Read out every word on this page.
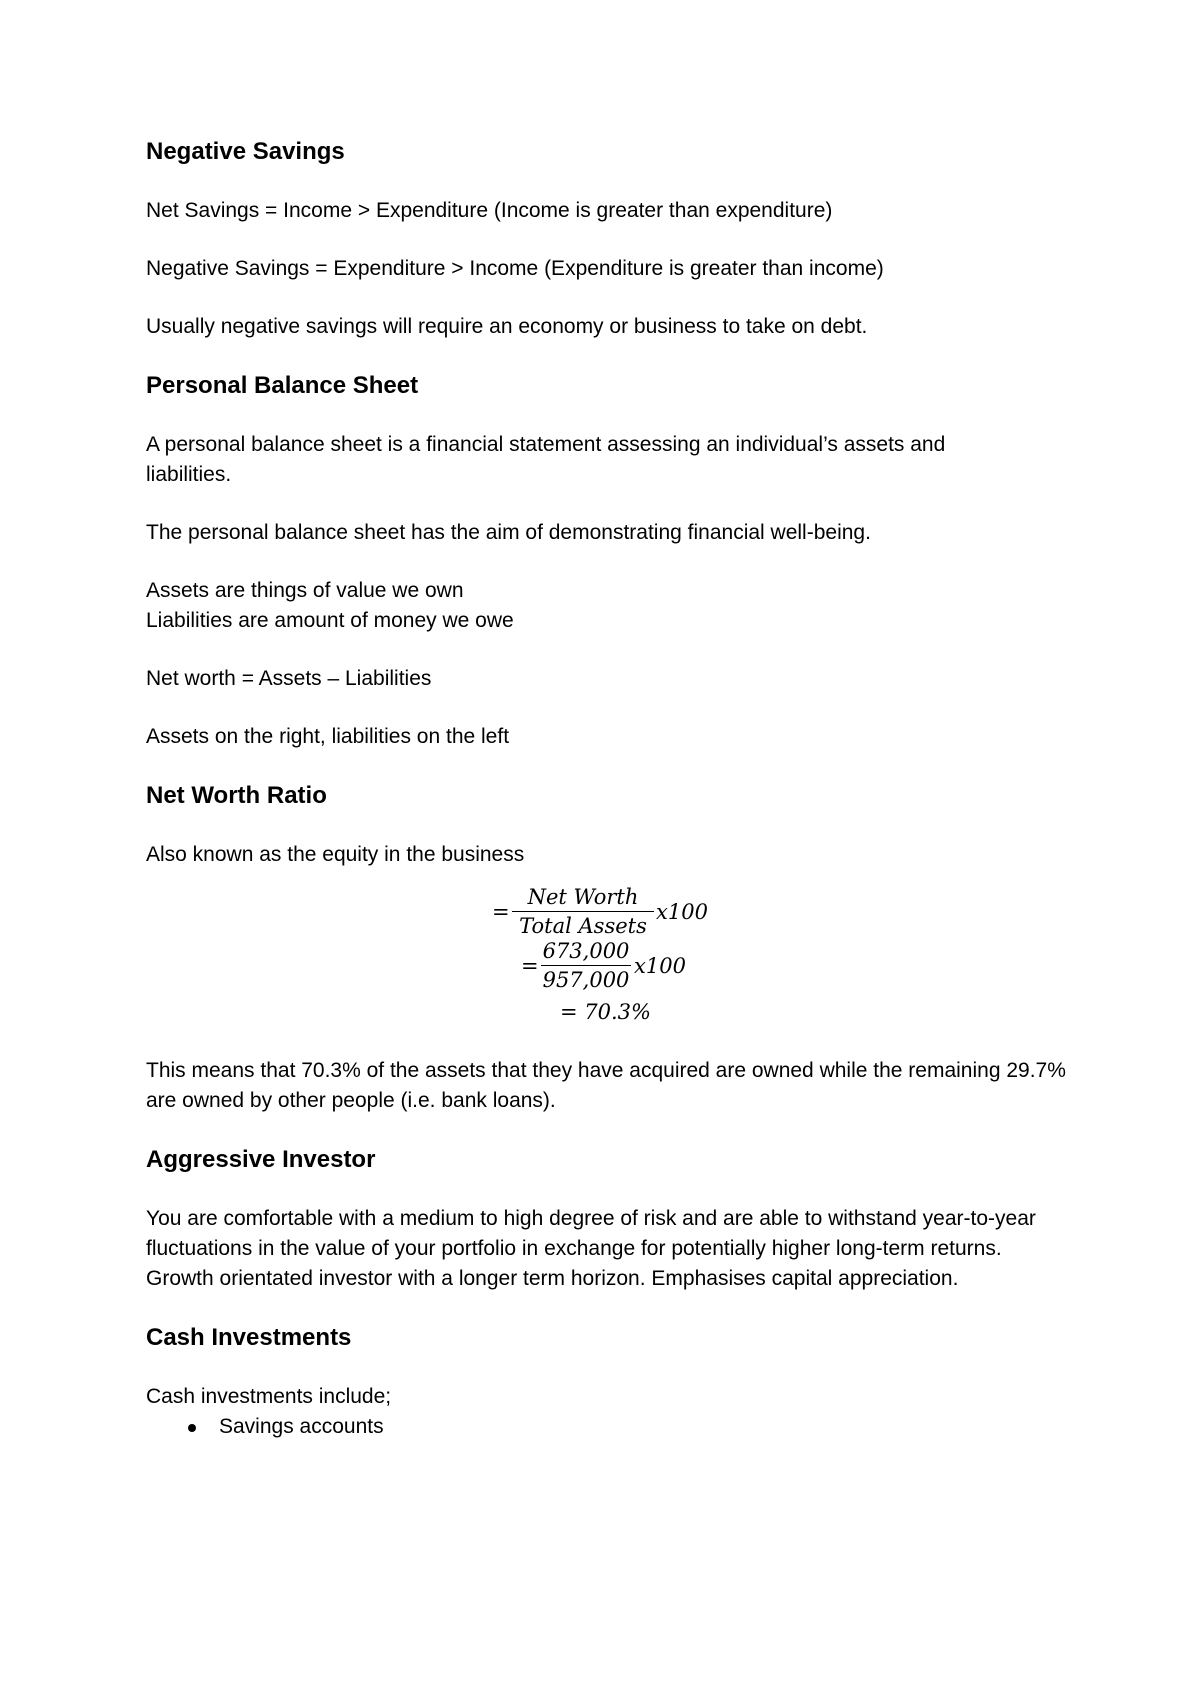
Negative Savings

Net Savings = Income > Expenditure (Income is greater than expenditure)

Negative Savings = Expenditure > Income (Expenditure is greater than income)

Usually negative savings will require an economy or business to take on debt.

Personal Balance Sheet

A personal balance sheet is a financial statement assessing an individual’s assets and liabilities.

The personal balance sheet has the aim of demonstrating financial well-being.

Assets are things of value we own

Liabilities are amount of money we owe

Net worth = Assets – Liabilities

Assets on the right, liabilities on the left

Net Worth Ratio

Also known as the equity in the business

=
Net Worth
Total Assets
x100
=
673,000
957,000
x100
= 70.3%

This means that 70.3% of the assets that they have acquired are owned while the remaining 29.7% are owned by other people (i.e. bank loans).

Aggressive Investor

You are comfortable with a medium to high degree of risk and are able to withstand year-to-year fluctuations in the value of your portfolio in exchange for potentially higher long-term returns. Growth orientated investor with a longer term horizon. Emphasises capital appreciation.

Cash Investments

Cash investments include;

Savings accounts
